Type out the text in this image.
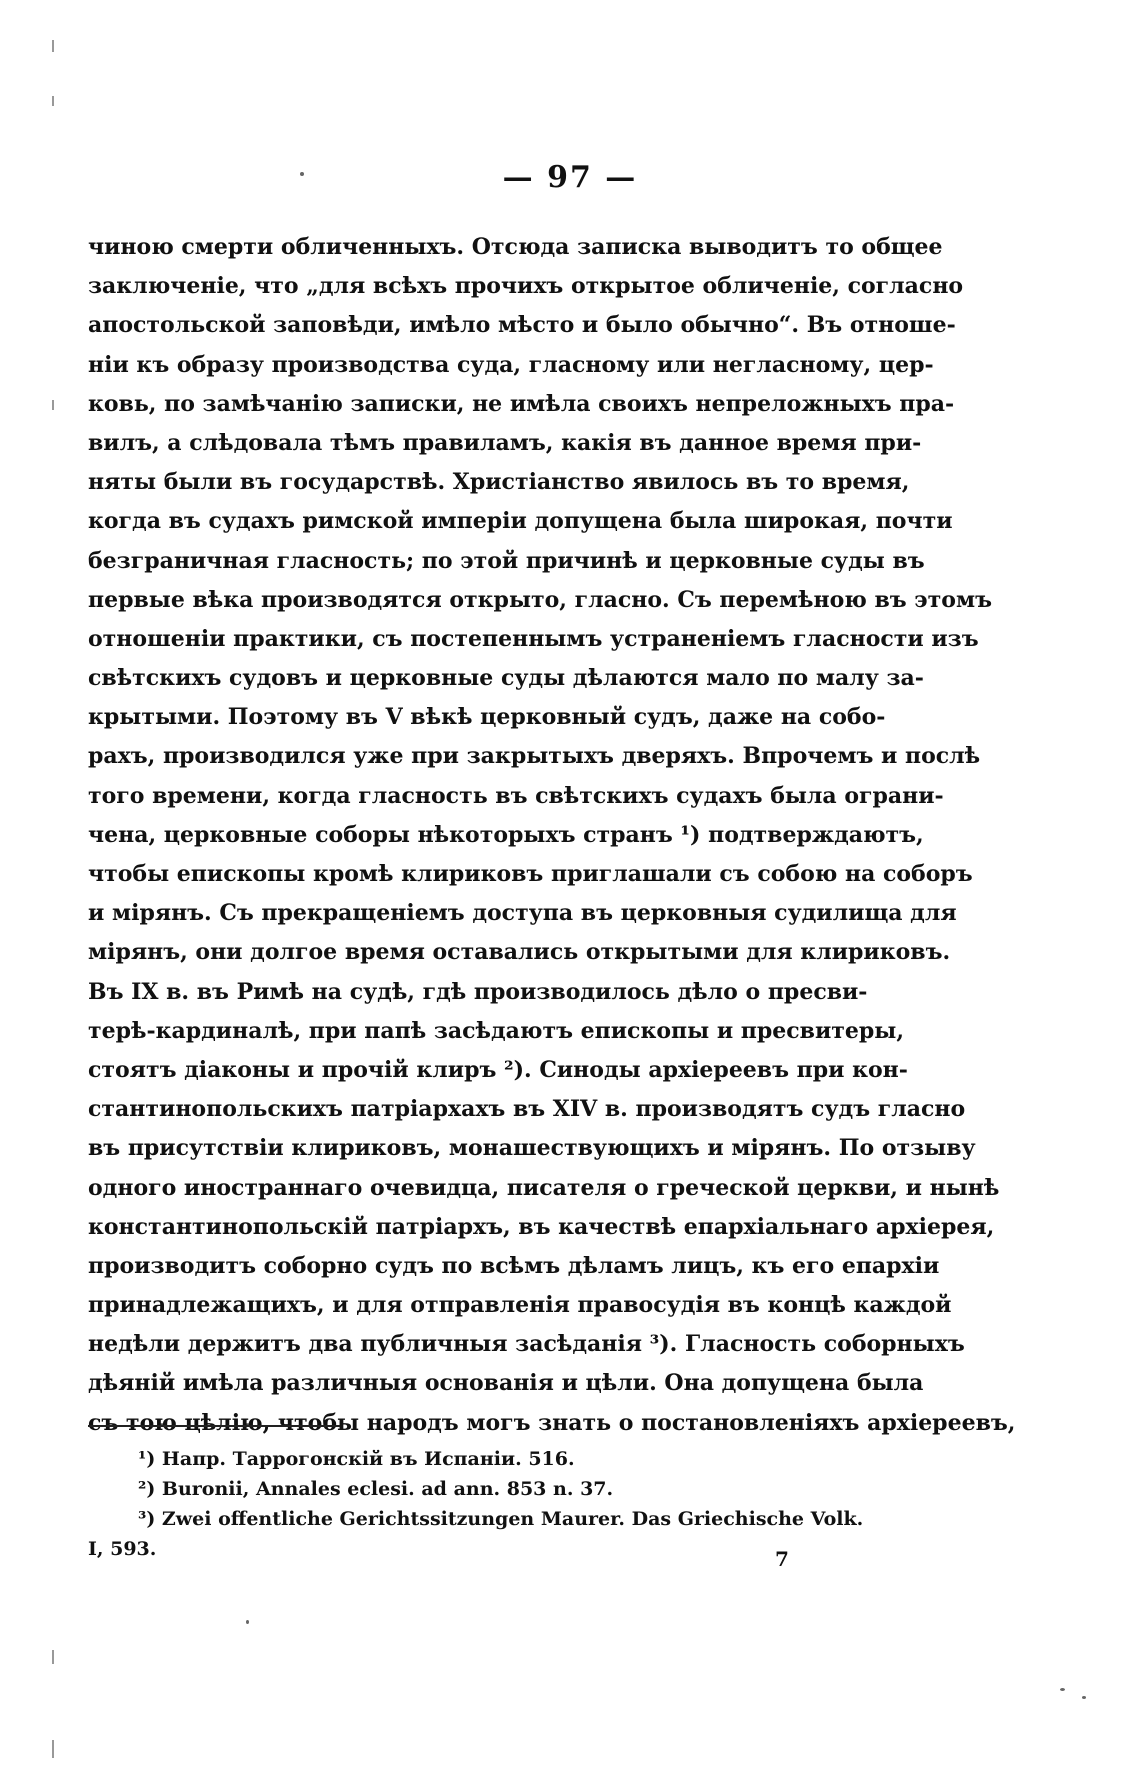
— 97 —
чиною смерти обличенныхъ. Отсюда записка выводитъ то общее
заключеніе, что „для всѣхъ прочихъ открытое обличеніе, согласно
апостольской заповѣди, имѣло мѣсто и было обычно“. Въ отноше-
ніи къ образу производства суда, гласному или негласному, цер-
ковь, по замѣчанію записки, не имѣла своихъ непреложныхъ пра-
вилъ, а слѣдовала тѣмъ правиламъ, какія въ данное время при-
няты были въ государствѣ. Христіанство явилось въ то время,
когда въ судахъ римской имперіи допущена была широкая, почти
безграничная гласность; по этой причинѣ и церковные суды въ
первые вѣка производятся открыто, гласно. Съ перемѣною въ этомъ
отношеніи практики, съ постепеннымъ устраненіемъ гласности изъ
свѣтскихъ судовъ и церковные суды дѣлаются мало по малу за-
крытыми. Поэтому въ V вѣкѣ церковный судъ, даже на собо-
рахъ, производился уже при закрытыхъ дверяхъ. Впрочемъ и послѣ
того времени, когда гласность въ свѣтскихъ судахъ была ограни-
чена, церковные соборы нѣкоторыхъ странъ ¹) подтверждаютъ,
чтобы епископы кромѣ клириковъ приглашали съ собою на соборъ
и мірянъ. Съ прекращеніемъ доступа въ церковныя судилища для
мірянъ, они долгое время оставались открытыми для клириковъ.
Въ IX в. въ Римѣ на судѣ, гдѣ производилось дѣло о пресви-
терѣ-кардиналѣ, при папѣ засѣдаютъ епископы и пресвитеры,
стоятъ діаконы и прочій клиръ ²). Синоды архіереевъ при кон-
стантинопольскихъ патріархахъ въ XIV в. производятъ судъ гласно
въ присутствіи клириковъ, монашествующихъ и мірянъ. По отзыву
одного иностраннаго очевидца, писателя о греческой церкви, и нынѣ
константинопольскій патріархъ, въ качествѣ епархіальнаго архіерея,
производитъ соборно судъ по всѣмъ дѣламъ лицъ, къ его епархіи
принадлежащихъ, и для отправленія правосудія въ концѣ каждой
недѣли держитъ два публичныя засѣданія ³). Гласность соборныхъ
дѣяній имѣла различныя основанія и цѣли. Она допущена была
съ тою цѣлію, чтобы народъ могъ знать о постановленіяхъ архіереевъ,
¹) Напр. Таррогонскій въ Испаніи. 516.
²) Buronii, Annales eclesi. ad ann. 853 n. 37.
³) Zwei offentliche Gerichtssitzungen Maurer. Das Griechische Volk.
I, 593.	7
